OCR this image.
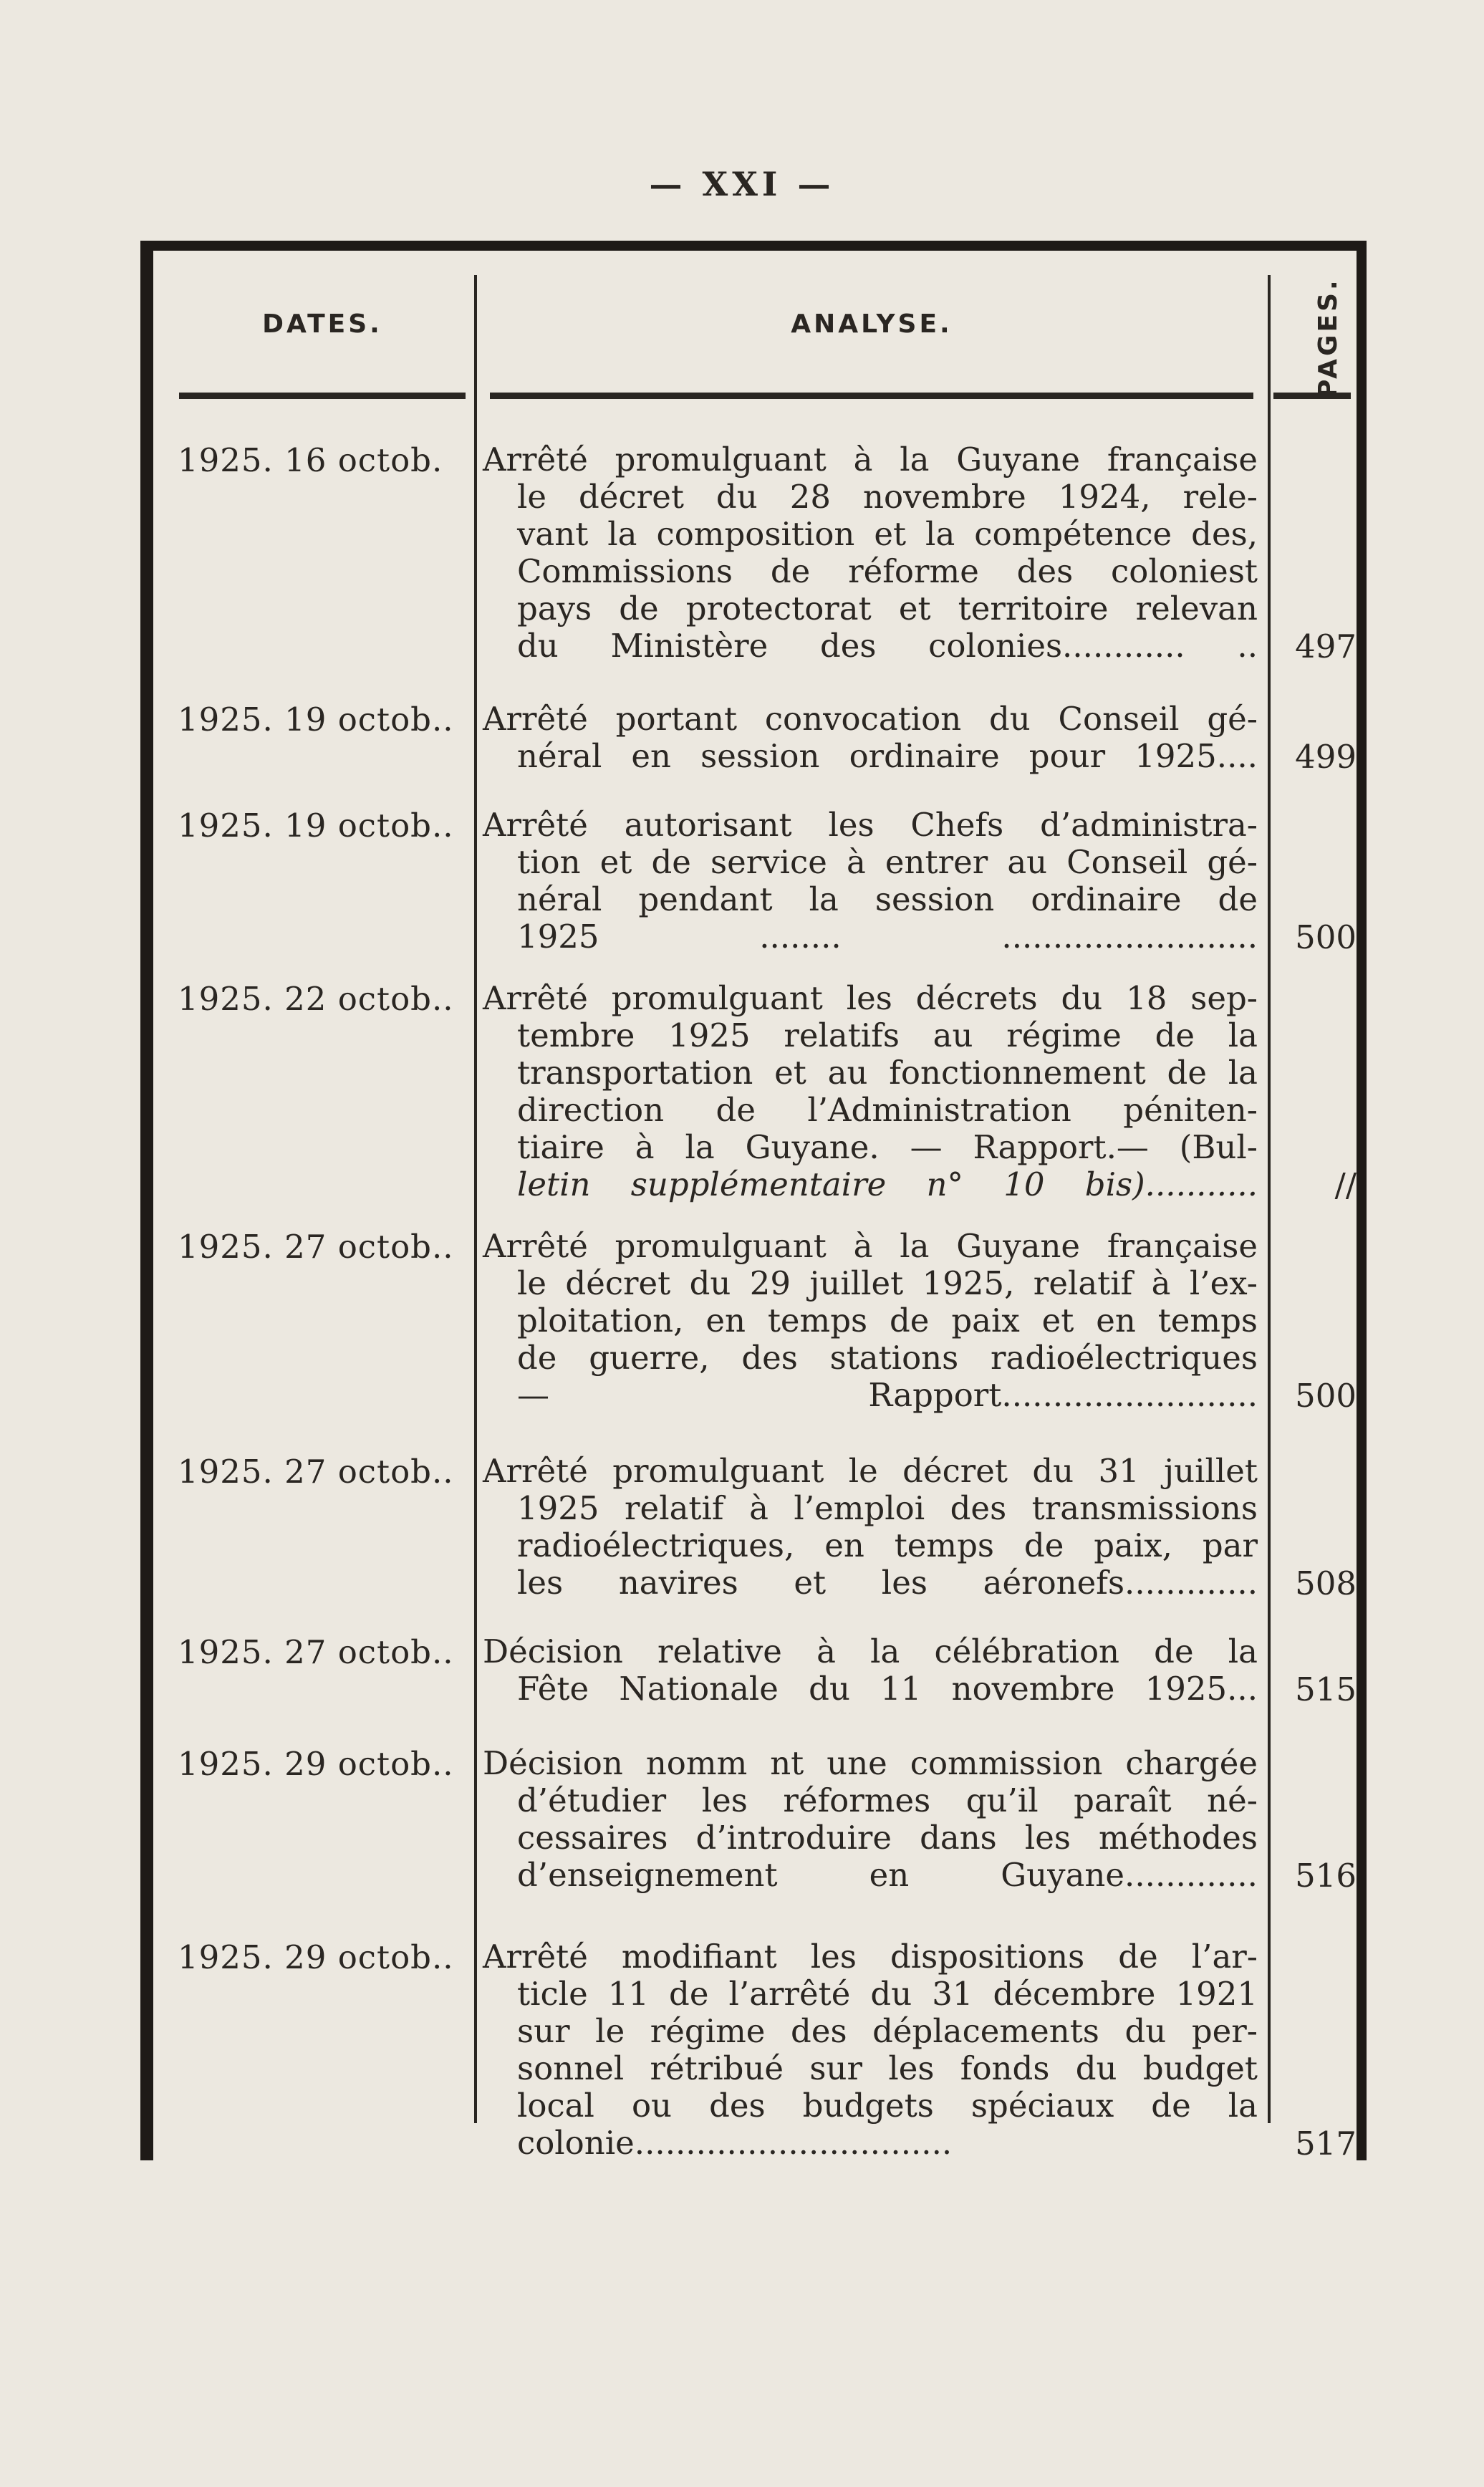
— XXI —
DATES.	ANALYSE.	PAGES.
1925. 16 octob.	Arrêté promulguant à la Guyane française
le décret du 28 novembre 1924, rele-
vant la composition et la compétence des,
Commissions de réforme des coloniest
pays de protectorat et territoire relevan
du Ministère des colonies............ ..	497
1925. 19 octob.. Arrêté portant convocation du Conseil gé-
néral en session ordinaire pour 1925....	499
1925. 19 octob.. Arrêté autorisant les Chefs d’administra-
tion et de service à entrer au Conseil gé-
néral pendant la session ordinaire de
1925 ........ .........................	500
1925. 22 octob.. Arrêté promulguant les décrets du 18 sep-
tembre 1925 relatifs au régime de la
transportation et au fonctionnement de la
direction de l’Administration péniten-
tiaire à la Guyane. — Rapport.— (Bul-
letin supplémentaire n° 10 bis)...........	//
1925. 27 octob.. Arrêté promulguant à la Guyane française
le décret du 29 juillet 1925, relatif à l’ex-
ploitation, en temps de paix et en temps
de guerre, des stations radioélectriques
— Rapport.........................	500
1925. 27 octob.. Arrêté promulguant le décret du 31 juillet
1925 relatif à l’emploi des transmissions
radioélectriques, en temps de paix, par
les navires et les aéronefs.............	508
1925. 27 octob.. Décision relative à la célébration de la
Fête Nationale du 11 novembre 1925...	515
1925. 29 octob.. Décision nomm nt une commission chargée
d’étudier les réformes qu’il paraît né-
cessaires d’introduire dans les méthodes
d’enseignement en Guyane.............	516
1925. 29 octob.. Arrêté modifiant les dispositions de l’ar-
ticle 11 de l’arrêté du 31 décembre 1921
sur le régime des déplacements du per-
sonnel rétribué sur les fonds du budget
local ou des budgets spéciaux de la
colonie...............................	517
